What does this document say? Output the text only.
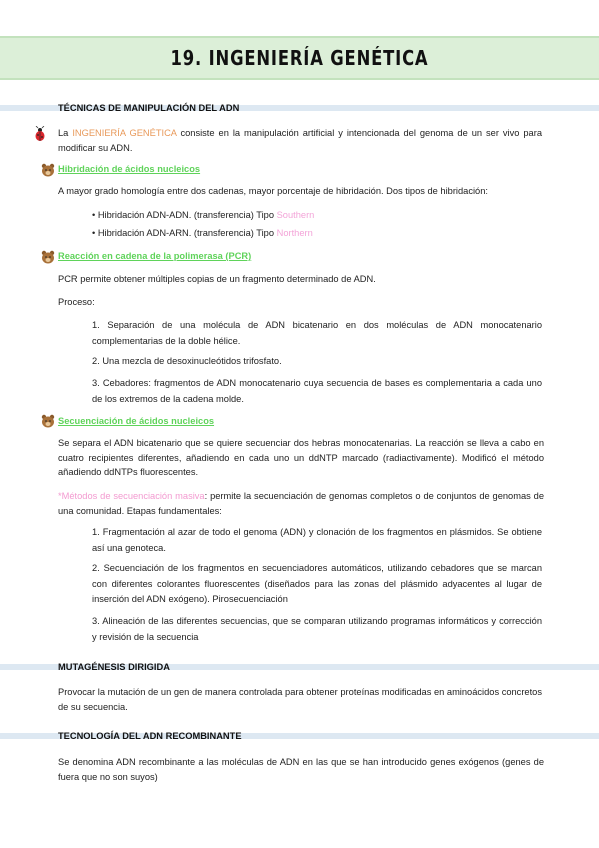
19. INGENIERÍA GENÉTICA
TÉCNICAS DE MANIPULACIÓN DEL ADN
La INGENIERÍA GENÉTICA consiste en la manipulación artificial y intencionada del genoma de un ser vivo para modificar su ADN.
Hibridación de ácidos nucleicos
A mayor grado homología entre dos cadenas, mayor porcentaje de hibridación. Dos tipos de hibridación:
• Hibridación ADN-ADN. (transferencia) Tipo Southern
• Hibridación ADN-ARN. (transferencia) Tipo Northern
Reacción en cadena de la polimerasa (PCR)
PCR permite obtener múltiples copias de un fragmento determinado de ADN.
Proceso:
1. Separación de una molécula de ADN bicatenario en dos moléculas de ADN monocatenario complementarias de la doble hélice.
2. Una mezcla de desoxinucleótidos trifosfato.
3. Cebadores: fragmentos de ADN monocatenario cuya secuencia de bases es complementaria a cada uno de los extremos de la cadena molde.
Secuenciación de ácidos nucleicos
Se separa el ADN bicatenario que se quiere secuenciar dos hebras monocatenarias. La reacción se lleva a cabo en cuatro recipientes diferentes, añadiendo en cada uno un ddNTP marcado (radiactivamente). Modificó el método añadiendo ddNTPs fluorescentes.
*Métodos de secuenciación masiva: permite la secuenciación de genomas completos o de conjuntos de genomas de una comunidad. Etapas fundamentales:
1. Fragmentación al azar de todo el genoma (ADN) y clonación de los fragmentos en plásmidos. Se obtiene así una genoteca.
2. Secuenciación de los fragmentos en secuenciadores automáticos, utilizando cebadores que se marcan con diferentes colorantes fluorescentes (diseñados para las zonas del plásmido adyacentes al lugar de inserción del ADN exógeno). Pirosecuenciación
3. Alineación de las diferentes secuencias, que se comparan utilizando programas informáticos y corrección y revisión de la secuencia
MUTAGÉNESIS DIRIGIDA
Provocar la mutación de un gen de manera controlada para obtener proteínas modificadas en aminoácidos concretos de su secuencia.
TECNOLOGÍA DEL ADN RECOMBINANTE
Se denomina ADN recombinante a las moléculas de ADN en las que se han introducido genes exógenos (genes de fuera que no son suyos)
